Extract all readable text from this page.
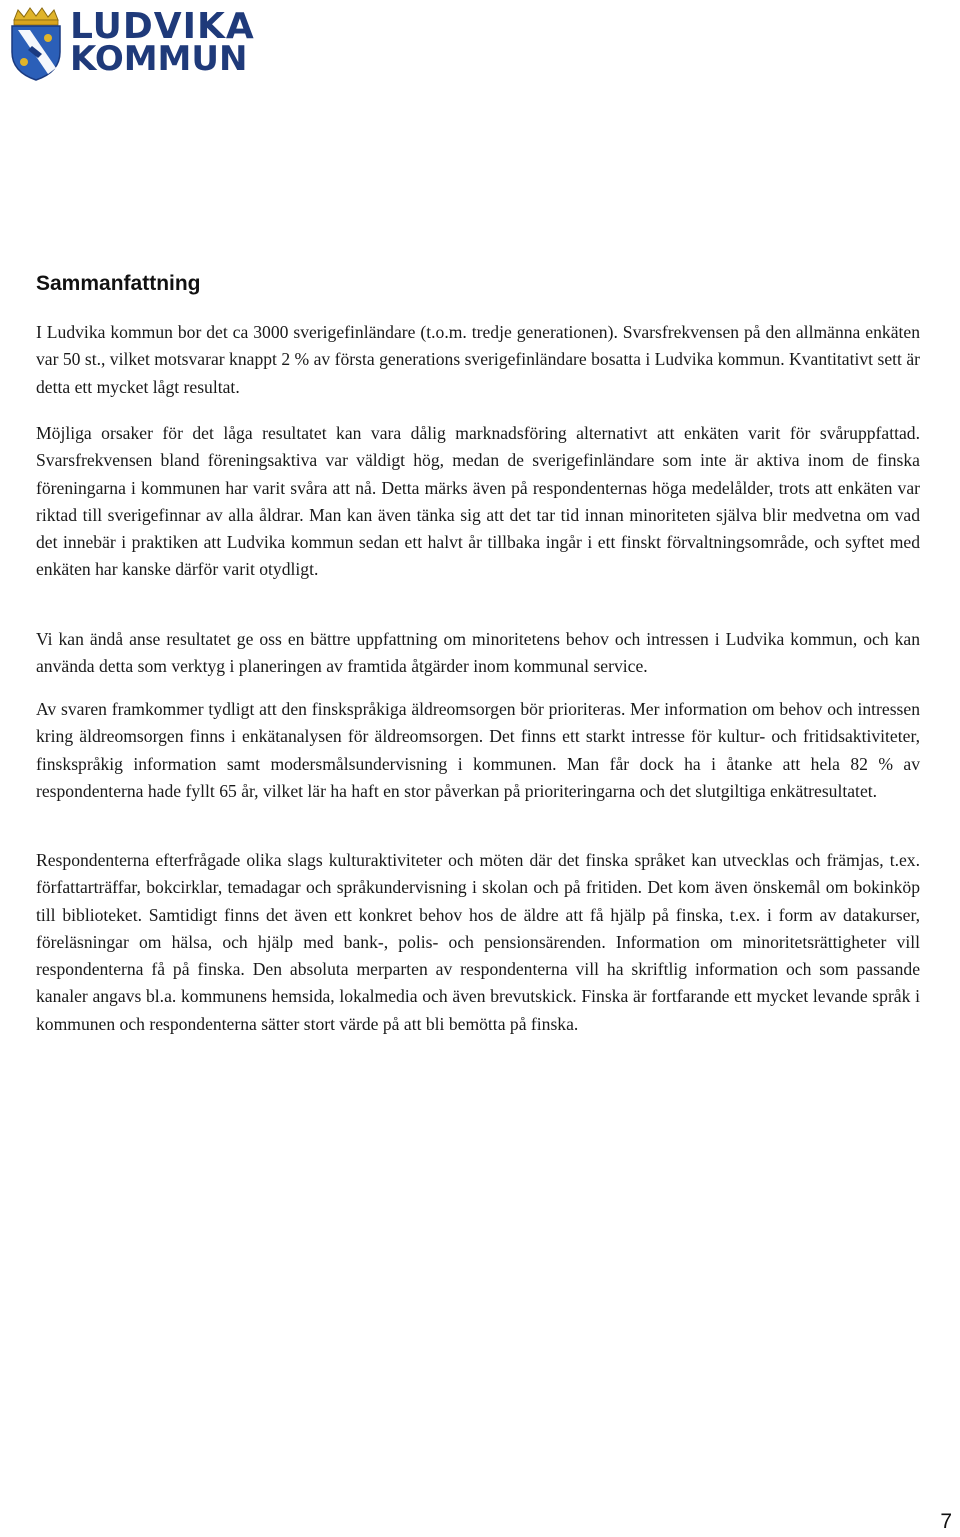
LUDVIKA
KOMMUN
Sammanfattning

I Ludvika kommun bor det ca 3000 sverigefinländare (t.o.m. tredje generationen). Svarsfrekvensen på den allmänna enkäten var 50 st., vilket motsvarar knappt 2 % av första generations sverigefinländare bosatta i Ludvika kommun. Kvantitativt sett är detta ett mycket lågt resultat.

Möjliga orsaker för det låga resultatet kan vara dålig marknadsföring alternativt att enkäten varit för svåruppfattad. Svarsfrekvensen bland föreningsaktiva var väldigt hög, medan de sverigefinländare som inte är aktiva inom de finska föreningarna i kommunen har varit svåra att nå. Detta märks även på respondenternas höga medelålder, trots att enkäten var riktad till sverigefinnar av alla åldrar. Man kan även tänka sig att det tar tid innan minoriteten själva blir medvetna om vad det innebär i praktiken att Ludvika kommun sedan ett halvt år tillbaka ingår i ett finskt förvaltningsområde, och syftet med enkäten har kanske därför varit otydligt.

Vi kan ändå anse resultatet ge oss en bättre uppfattning om minoritetens behov och intressen i Ludvika kommun, och kan använda detta som verktyg i planeringen av framtida åtgärder inom kommunal service.

Av svaren framkommer tydligt att den finskspråkiga äldreomsorgen bör prioriteras. Mer information om behov och intressen kring äldreomsorgen finns i enkätanalysen för äldreomsorgen. Det finns ett starkt intresse för kultur- och fritidsaktiviteter, finskspråkig information samt modersmålsundervisning i kommunen. Man får dock ha i åtanke att hela 82 % av respondenterna hade fyllt 65 år, vilket lär ha haft en stor påverkan på prioriteringarna och det slutgiltiga enkätresultatet.

Respondenterna efterfrågade olika slags kulturaktiviteter och möten där det finska språket kan utvecklas och främjas, t.ex. författarträffar, bokcirklar, temadagar och språkundervisning i skolan och på fritiden. Det kom även önskemål om bokinköp till biblioteket. Samtidigt finns det även ett konkret behov hos de äldre att få hjälp på finska, t.ex. i form av datakurser, föreläsningar om hälsa, och hjälp med bank-, polis- och pensionsärenden. Information om minoritetsrättigheter vill respondenterna få på finska. Den absoluta merparten av respondenterna vill ha skriftlig information och som passande kanaler angavs bl.a. kommunens hemsida, lokalmedia och även brevutskick. Finska är fortfarande ett mycket levande språk i kommunen och respondenterna sätter stort värde på att bli bemötta på finska.

7
